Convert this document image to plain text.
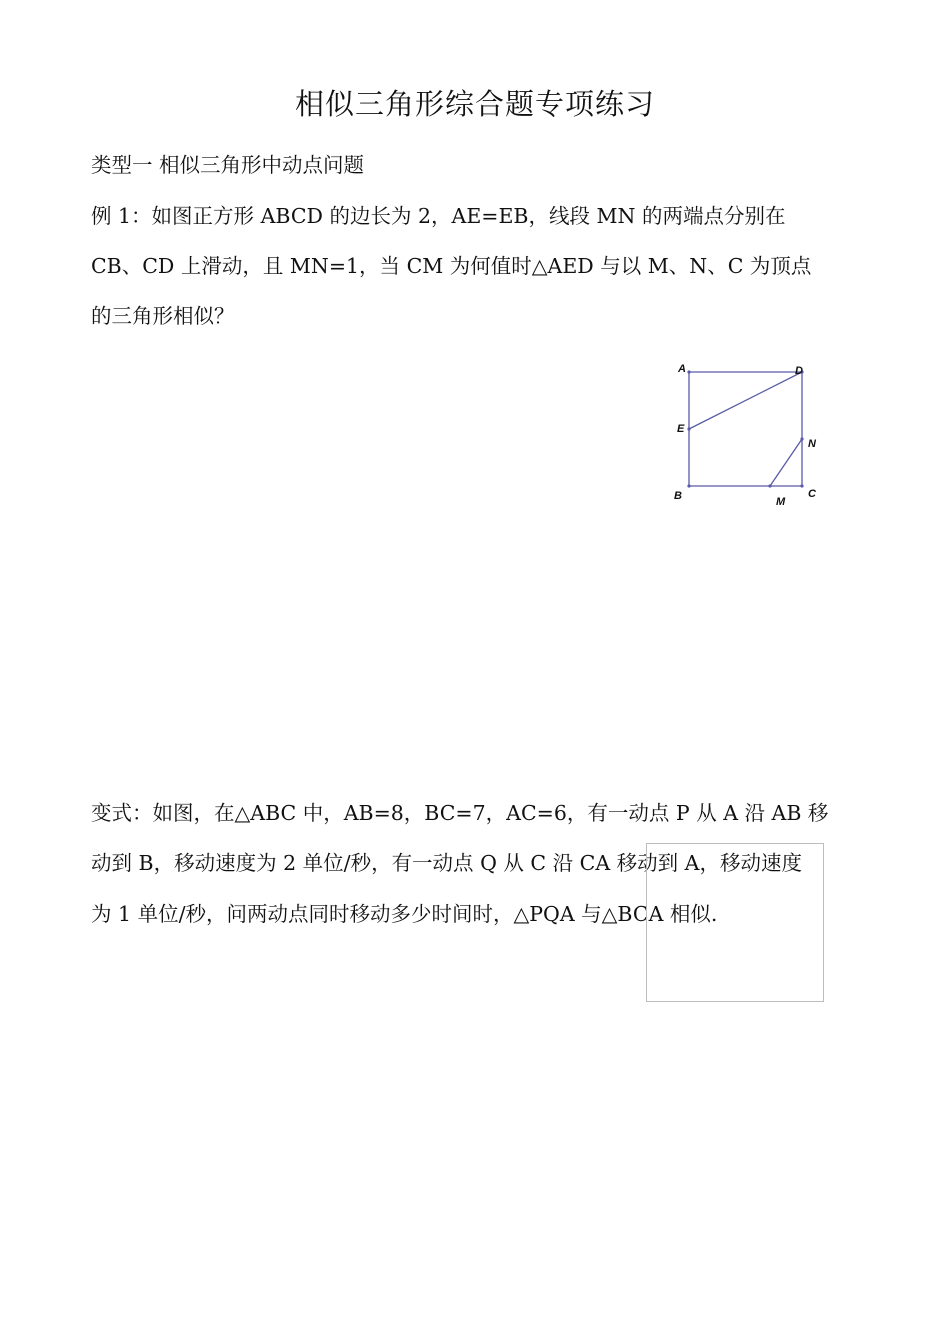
相似三角形综合题专项练习
类型一 相似三角形中动点问题
例 1：如图正方形 ABCD 的边长为 2，AE=EB，线段 MN 的两端点分别在
CB、CD 上滑动，且 MN=1，当 CM 为何值时△AED 与以 M、N、C 为顶点
的三角形相似？
A	D
E
N
B	M
C
变式：如图，在△ABC 中，AB=8，BC=7，AC=6，有一动点 P 从 A 沿 AB 移
动到 B，移动速度为 2 单位/秒，有一动点 Q 从 C 沿 CA 移动到 A，移动速度
为 1 单位/秒，问两动点同时移动多少时间时，△PQA 与△BCA 相似.
